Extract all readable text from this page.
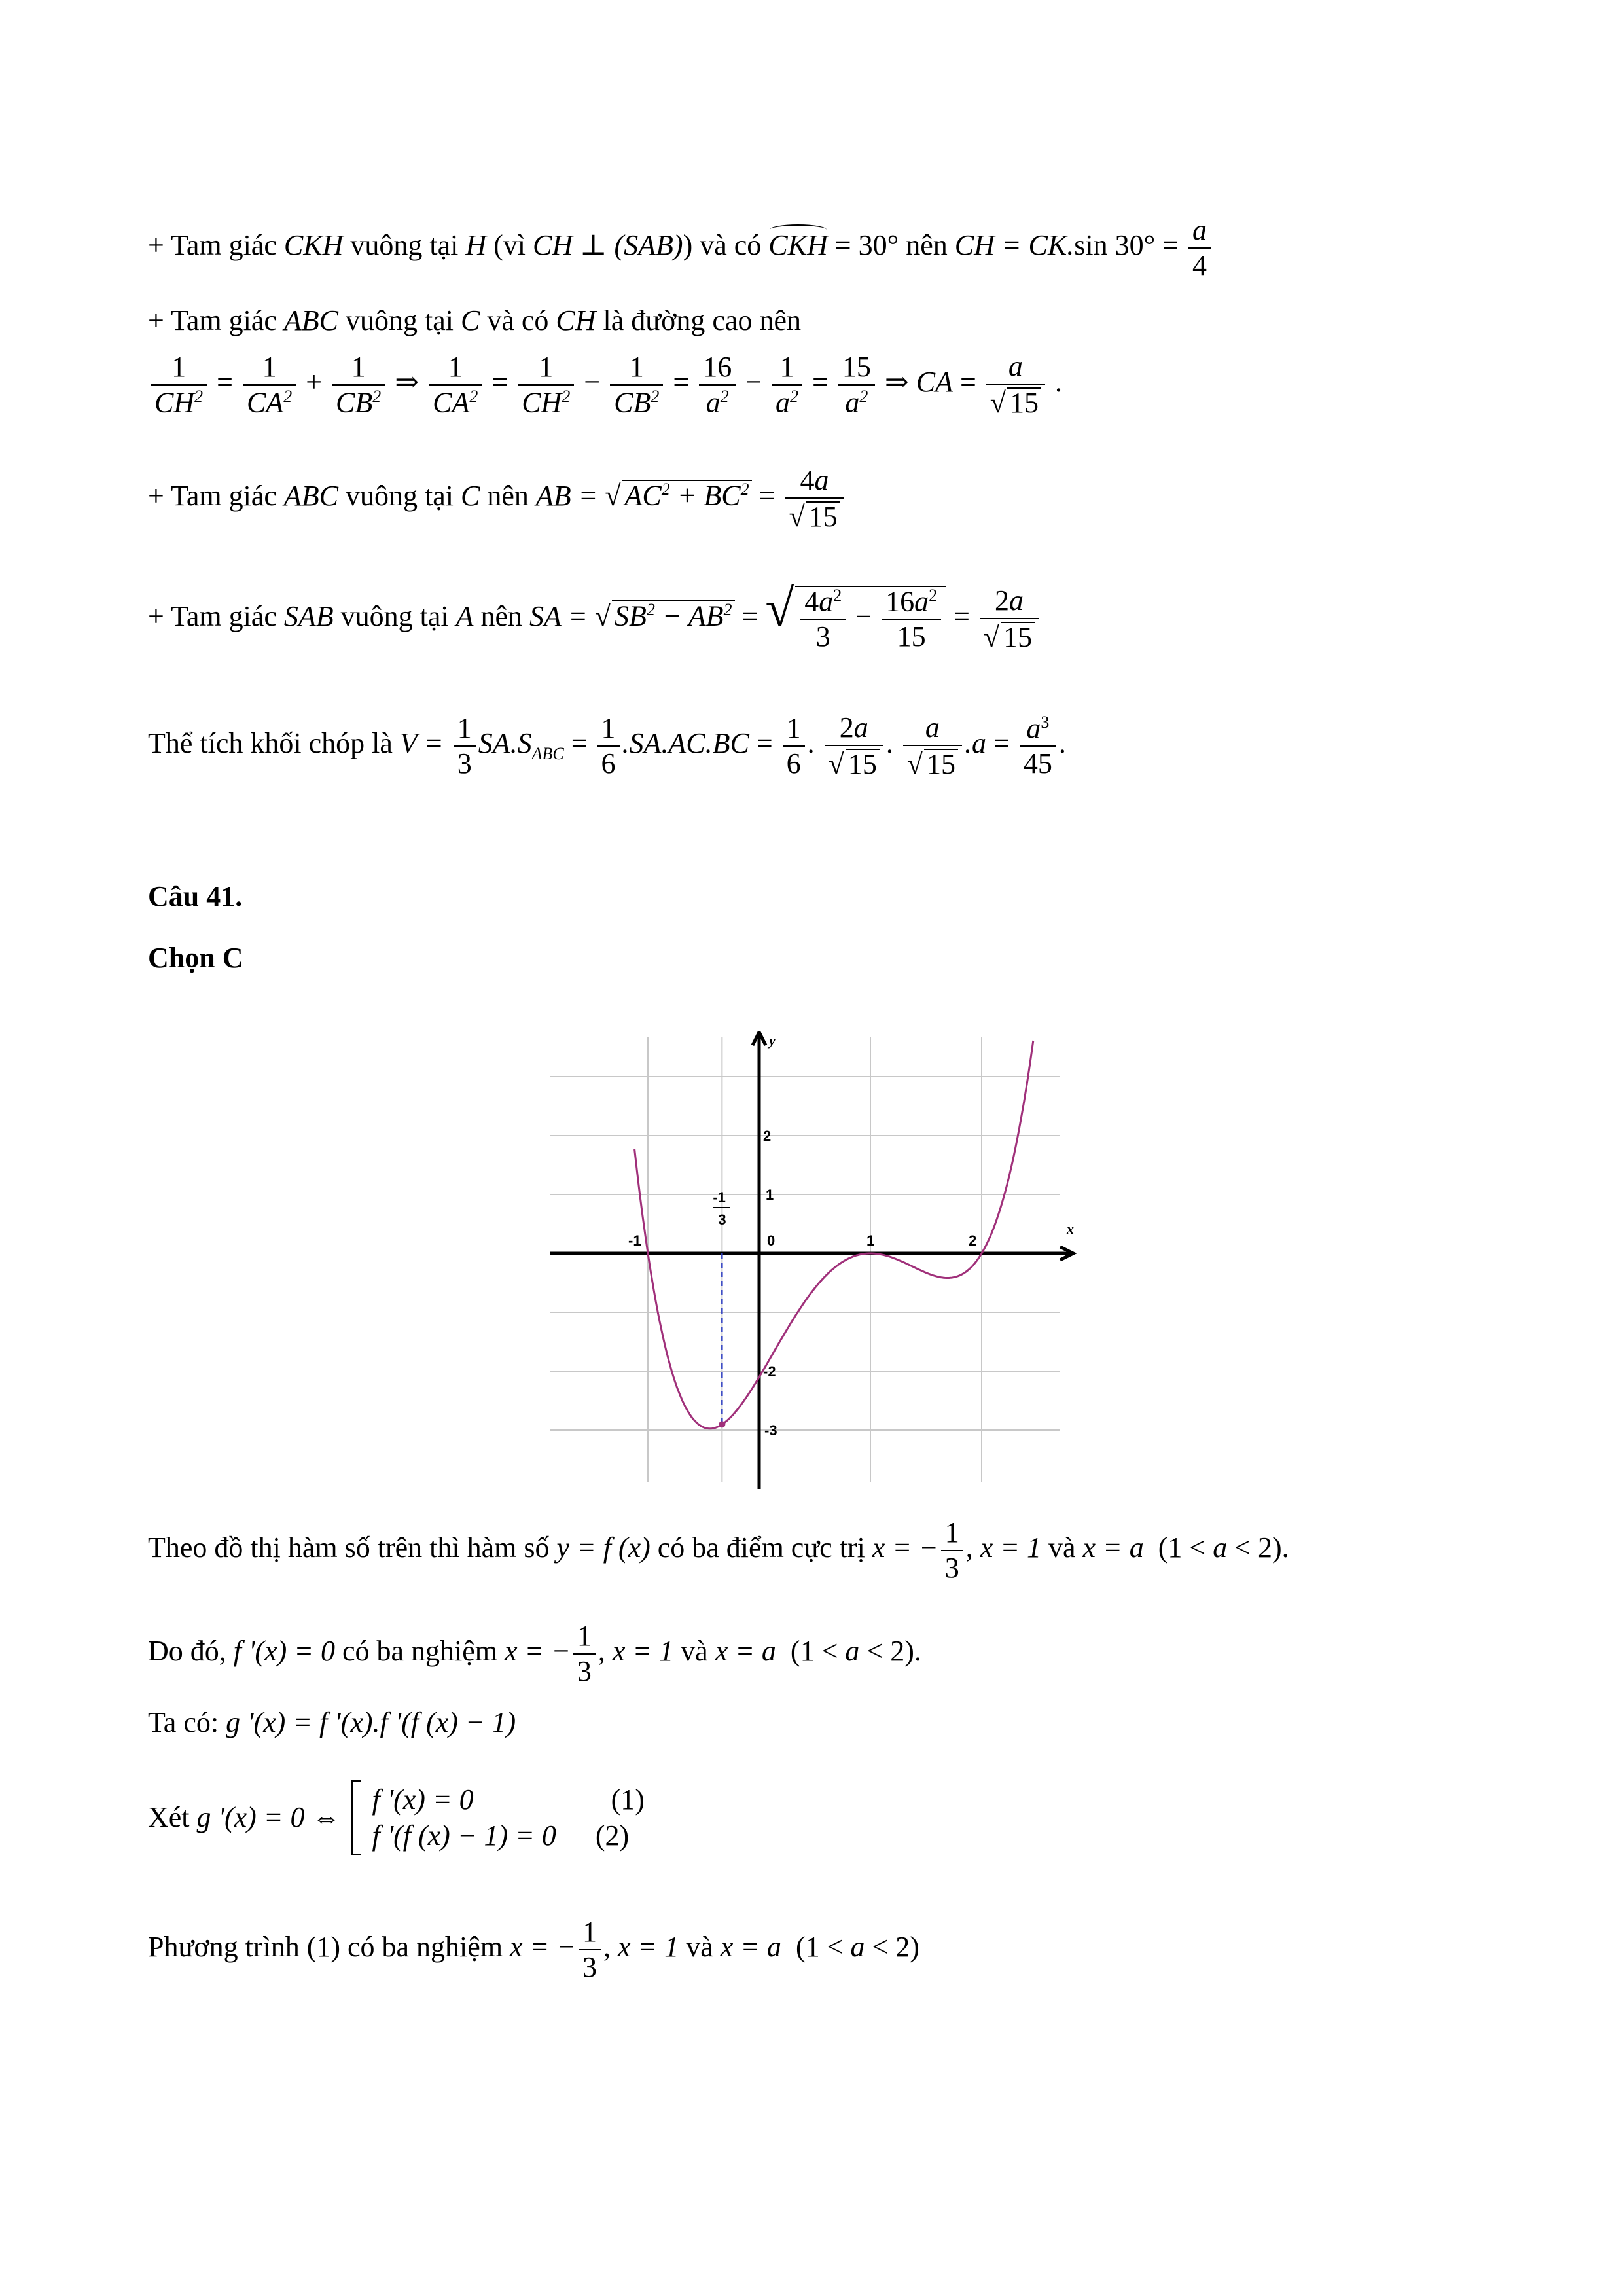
+ Tam giác CKH vuông tại H (vì CH ⊥ (SAB)) và có CKH = 30° nên CH = CK.sin $30^\circ = \frac{a}{4}$
+ Tam giác ABC vuông tại C và có CH là đường cao nên
$\frac{1}{CH^2} = \frac{1}{CA^2} + \frac{1}{CB^2}$ ⇒ $\frac{1}{CA^2} = \frac{1}{CH^2} - \frac{1}{CB^2} = \frac{16}{a^2} - \frac{1}{a^2} = \frac{15}{a^2}$ ⇒ CA = a
√ 15 .
+ Tam giác ABC vuông tại C nên AB = √ $AC^2 + BC^2 = 4a$
√ 15
+ Tam giác SAB vuông tại A nên SA = √ $SB^2 - AB^2$ = √ $\frac{4a^2}{3} - \frac{16a^2}{15} = 2a$
√ 15
Thể tích khối chóp là $V = \frac{1}{3} SA.S_{ABC} = \frac{1}{6} .SA.AC.BC = \frac{1}{6}$ . 2a
√ 15 . a
√ 15 $.a = \frac{a^3}{45}$ .
Câu 41.
Chọn C
x
y
-1	0	1	2
2
1
-2
-3
-1
3
Theo đồ thị hàm số trên thì hàm số y = f (x) có ba điểm cực trị x = − $\frac{1}{3}$ , x = 1 và x = a  (1 < a < 2).
Do đó, f '(x) = 0 có ba nghiệm x = − $\frac{1}{3}$ , x = 1 và x = a  (1 < a < 2).
Ta có: g '(x) = f '(x).f '(f (x) − 1)
Xét g '(x) = 0 ⇔
f '(x) = 0	(1)
f '(f (x) − 1) = 0 (2)
Phương trình (1) có ba nghiệm x = − $\frac{1}{3}$ , x = 1 và x = a  (1 < a < 2)
